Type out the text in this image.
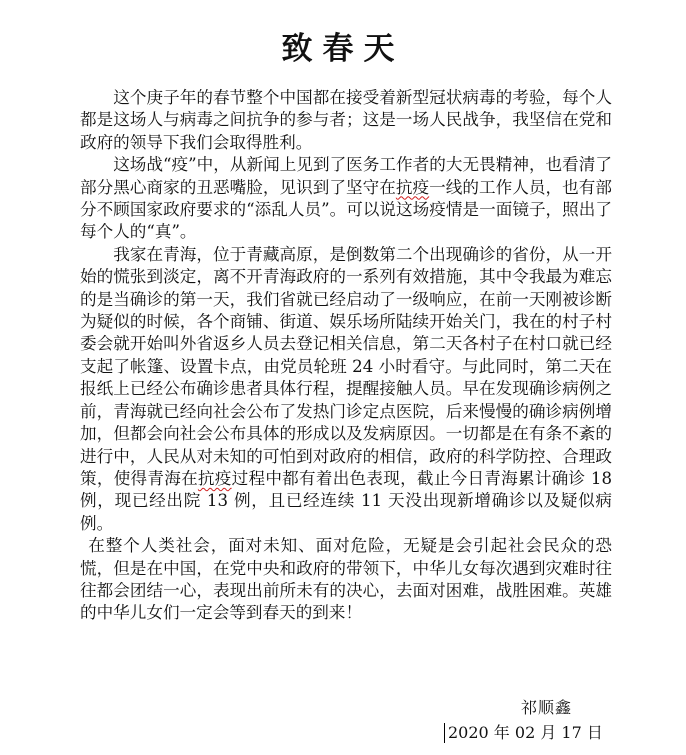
致春天

这个庚子年的春节整个中国都在接受着新型冠状病毒的考验，每个人都是这场人与病毒之间抗争的参与者；这是一场人民战争，我坚信在党和政府的领导下我们会取得胜利。

这场战“疫”中，从新闻上见到了医务工作者的大无畏精神，也看清了部分黑心商家的丑恶嘴脸，见识到了坚守在抗疫一线的工作人员，也有部分不顾国家政府要求的“添乱人员”。可以说这场疫情是一面镜子，照出了每个人的“真”。

我家在青海，位于青藏高原，是倒数第二个出现确诊的省份，从一开始的慌张到淡定，离不开青海政府的一系列有效措施，其中令我最为难忘的是当确诊的第一天，我们省就已经启动了一级响应，在前一天刚被诊断为疑似的时候，各个商铺、街道、娱乐场所陆续开始关门，我在的村子村委会就开始叫外省返乡人员去登记相关信息，第二天各村子在村口就已经支起了帐篷、设置卡点，由党员轮班 24 小时看守。与此同时，第二天在报纸上已经公布确诊患者具体行程，提醒接触人员。早在发现确诊病例之前，青海就已经向社会公布了发热门诊定点医院，后来慢慢的确诊病例增加，但都会向社会公布具体的形成以及发病原因。一切都是在有条不紊的进行中，人民从对未知的可怕到对政府的相信，政府的科学防控、合理政策，使得青海在抗疫过程中都有着出色表现，截止今日青海累计确诊 18 例，现已经出院 13 例，且已经连续 11 天没出现新增确诊以及疑似病例。

在整个人类社会，面对未知、面对危险，无疑是会引起社会民众的恐慌，但是在中国，在党中央和政府的带领下，中华儿女每次遇到灾难时往往都会团结一心，表现出前所未有的决心，去面对困难，战胜困难。英雄的中华儿女们一定会等到春天的到来！

祁顺鑫
2020 年 02 月 17 日
